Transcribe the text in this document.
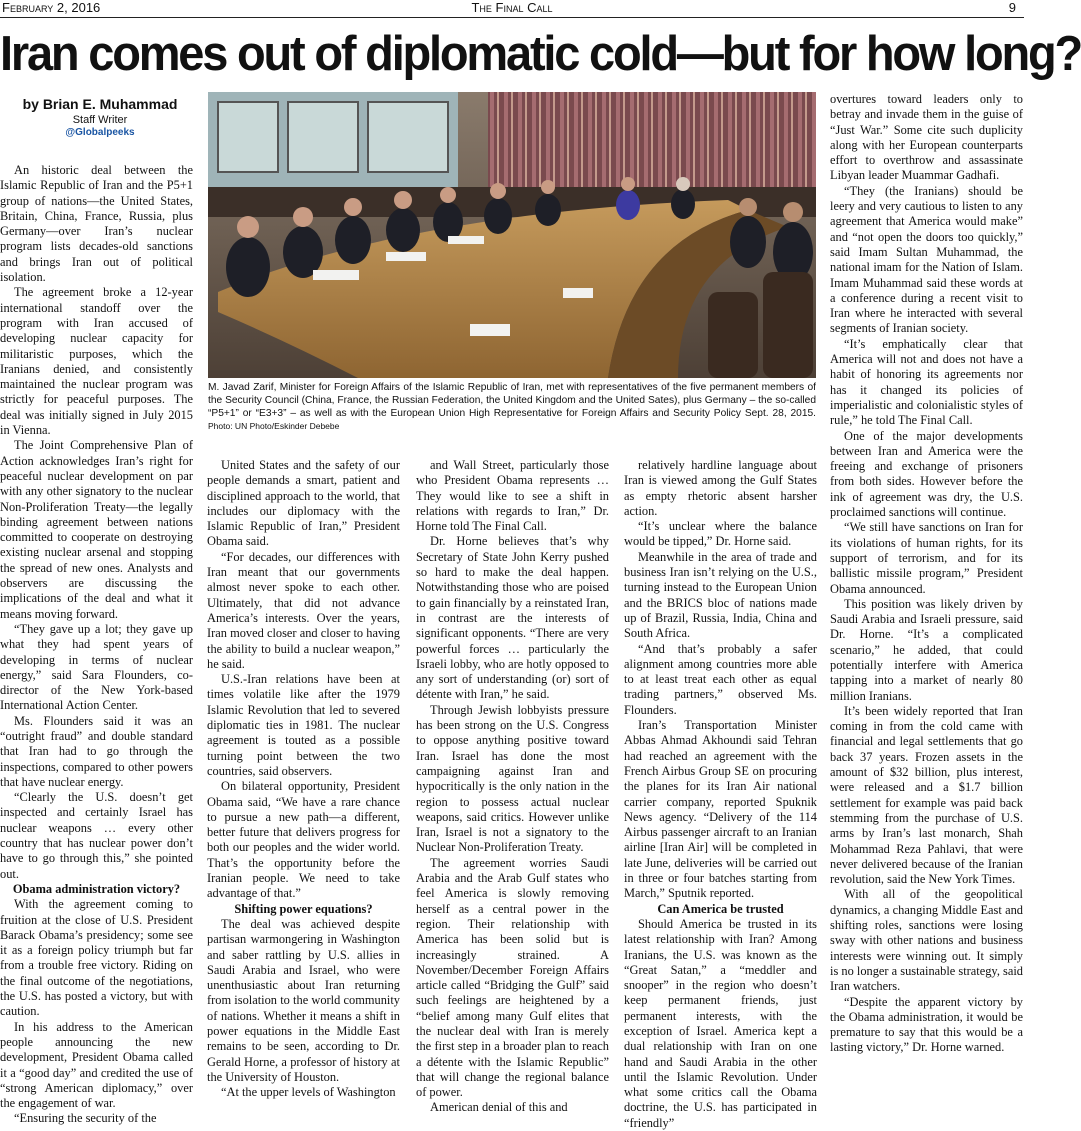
February 2, 2016	The Final Call	9
Iran comes out of diplomatic cold—but for how long?
by Brian E. Muhammad
Staff Writer
@Globalpeeks
M. Javad Zarif, Minister for Foreign Affairs of the Islamic Republic of Iran, met with representatives of the five permanent members of the Security Council (China, France, the Russian Federation, the United Kingdom and the United Sates), plus Germany – the so-called “P5+1” or “E3+3” – as well as with the European Union High Representative for Foreign Affairs and Security Policy Sept. 28, 2015. Photo: UN Photo/Eskinder Debebe

An historic deal between the Islamic Republic of Iran and the P5+1 group of nations—the United States, Britain, China, France, Russia, plus Germany—over Iran’s nuclear program lists decades-old sanctions and brings Iran out of political isolation.

The agreement broke a 12-year international standoff over the program with Iran accused of developing nuclear capacity for militaristic purposes, which the Iranians denied, and consistently maintained the nuclear program was strictly for peaceful purposes. The deal was initially signed in July 2015 in Vienna.

The Joint Comprehensive Plan of Action acknowledges Iran’s right for peaceful nuclear development on par with any other signatory to the nuclear Non-Proliferation Treaty—the legally binding agreement between nations committed to cooperate on destroying existing nuclear arsenal and stopping the spread of new ones. Analysts and observers are discussing the implications of the deal and what it means moving forward.

“They gave up a lot; they gave up what they had spent years of developing in terms of nuclear energy,” said Sara Flounders, co-director of the New York-based International Action Center.

Ms. Flounders said it was an “outright fraud” and double standard that Iran had to go through the inspections, compared to other powers that have nuclear energy.

“Clearly the U.S. doesn’t get inspected and certainly Israel has nuclear weapons … every other country that has nuclear power don’t have to go through this,” she pointed out.

Obama administration victory?

With the agreement coming to fruition at the close of U.S. President Barack Obama’s presidency; some see it as a foreign policy triumph but far from a trouble free victory. Riding on the final outcome of the negotiations, the U.S. has posted a victory, but with caution.

In his address to the American people announcing the new development, President Obama called it a “good day” and credited the use of “strong American diplomacy,” over the engagement of war.

“Ensuring the security of the

United States and the safety of our people demands a smart, patient and disciplined approach to the world, that includes our diplomacy with the Islamic Republic of Iran,” President Obama said.

“For decades, our differences with Iran meant that our governments almost never spoke to each other. Ultimately, that did not advance America’s interests. Over the years, Iran moved closer and closer to having the ability to build a nuclear weapon,” he said.

U.S.-Iran relations have been at times volatile like after the 1979 Islamic Revolution that led to severed diplomatic ties in 1981. The nuclear agreement is touted as a possible turning point between the two countries, said observers.

On bilateral opportunity, President Obama said, “We have a rare chance to pursue a new path—a different, better future that delivers progress for both our peoples and the wider world. That’s the opportunity before the Iranian people. We need to take advantage of that.”

Shifting power equations?

The deal was achieved despite partisan warmongering in Washington and saber rattling by U.S. allies in Saudi Arabia and Israel, who were unenthusiastic about Iran returning from isolation to the world community of nations. Whether it means a shift in power equations in the Middle East remains to be seen, according to Dr. Gerald Horne, a professor of history at the University of Houston.

“At the upper levels of Washington

and Wall Street, particularly those who President Obama represents …They would like to see a shift in relations with regards to Iran,” Dr. Horne told The Final Call.

Dr. Horne believes that’s why Secretary of State John Kerry pushed so hard to make the deal happen. Notwithstanding those who are poised to gain financially by a reinstated Iran, in contrast are the interests of significant opponents. “There are very powerful forces … particularly the Israeli lobby, who are hotly opposed to any sort of understanding (or) sort of détente with Iran,” he said.

Through Jewish lobbyists pressure has been strong on the U.S. Congress to oppose anything positive toward Iran. Israel has done the most campaigning against Iran and hypocritically is the only nation in the region to possess actual nuclear weapons, said critics. However unlike Iran, Israel is not a signatory to the Nuclear Non-Proliferation Treaty.

The agreement worries Saudi Arabia and the Arab Gulf states who feel America is slowly removing herself as a central power in the region. Their relationship with America has been solid but is increasingly strained. A November/December Foreign Affairs article called “Bridging the Gulf” said such feelings are heightened by a “belief among many Gulf elites that the nuclear deal with Iran is merely the first step in a broader plan to reach a détente with the Islamic Republic” that will change the regional balance of power.

American denial of this and

relatively hardline language about Iran is viewed among the Gulf States as empty rhetoric absent harsher action.

“It’s unclear where the balance would be tipped,” Dr. Horne said.

Meanwhile in the area of trade and business Iran isn’t relying on the U.S., turning instead to the European Union and the BRICS bloc of nations made up of Brazil, Russia, India, China and South Africa.

“And that’s probably a safer alignment among countries more able to at least treat each other as equal trading partners,” observed Ms. Flounders.

Iran’s Transportation Minister Abbas Ahmad Akhoundi said Tehran had reached an agreement with the French Airbus Group SE on procuring the planes for its Iran Air national carrier company, reported Spuknik News agency. “Delivery of the 114 Airbus passenger aircraft to an Iranian airline [Iran Air] will be completed in late June, deliveries will be carried out in three or four batches starting from March,” Sputnik reported.

Can America be trusted

Should America be trusted in its latest relationship with Iran? Among Iranians, the U.S. was known as the “Great Satan,” a “meddler and snooper” in the region who doesn’t keep permanent friends, just permanent interests, with the exception of Israel. America kept a dual relationship with Iran on one hand and Saudi Arabia in the other until the Islamic Revolution. Under what some critics call the Obama doctrine, the U.S. has participated in “friendly”

overtures toward leaders only to betray and invade them in the guise of “Just War.” Some cite such duplicity along with her European counterparts effort to overthrow and assassinate Libyan leader Muammar Gadhafi.

“They (the Iranians) should be leery and very cautious to listen to any agreement that America would make” and “not open the doors too quickly,” said Imam Sultan Muhammad, the national imam for the Nation of Islam. Imam Muhammad said these words at a conference during a recent visit to Iran where he interacted with several segments of Iranian society.

“It’s emphatically clear that America will not and does not have a habit of honoring its agreements nor has it changed its policies of imperialistic and colonialistic styles of rule,” he told The Final Call.

One of the major developments between Iran and America were the freeing and exchange of prisoners from both sides. However before the ink of agreement was dry, the U.S. proclaimed sanctions will continue.

“We still have sanctions on Iran for its violations of human rights, for its support of terrorism, and for its ballistic missile program,” President Obama announced.

This position was likely driven by Saudi Arabia and Israeli pressure, said Dr. Horne. “It’s a complicated scenario,” he added, that could potentially interfere with America tapping into a market of nearly 80 million Iranians.

It’s been widely reported that Iran coming in from the cold came with financial and legal settlements that go back 37 years. Frozen assets in the amount of $32 billion, plus interest, were released and a $1.7 billion settlement for example was paid back stemming from the purchase of U.S. arms by Iran’s last monarch, Shah Mohammad Reza Pahlavi, that were never delivered because of the Iranian revolution, said the New York Times.

With all of the geopolitical dynamics, a changing Middle East and shifting roles, sanctions were losing sway with other nations and business interests were winning out. It simply is no longer a sustainable strategy, said Iran watchers.

“Despite the apparent victory by the Obama administration, it would be premature to say that this would be a lasting victory,” Dr. Horne warned.
